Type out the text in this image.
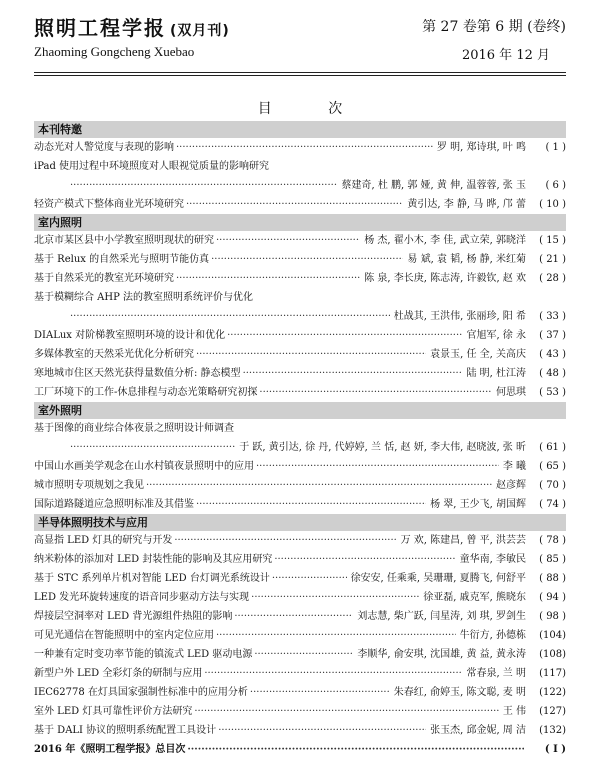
照明工程学报 (双月刊)
Zhaoming Gongcheng Xuebao
第 27 卷第 6 期 (卷终)
2016 年 12 月
目 次
本刊特邀
动态光对人警觉度与表现的影响 ·····	罗 明, 郑诗琪, 叶 鸣	( 1 )
iPad 使用过程中环境照度对人眼视觉质量的影响研究
·····
蔡建奇, 杜 鹏, 郭 娅, 黄 伸, 温蓉蓉, 张 玉	( 6 )
轻资产模式下整体商业光环境研究 ·····	黄引达, 李 静, 马 晔, 邝 蕾	( 10 )
室内照明
北京市某区县中小学教室照明现状的研究 ·····	杨 杰, 翟小木, 李 佳, 武立荣, 郭晓洋	( 15 )
基于 Relux 的自然采光与照明节能仿真 ·····	易 斌, 袁 韬, 杨 静, 米红菊	( 21 )
基于自然采光的教室光环境研究 ·····	陈 泉, 李长庚, 陈志涛, 许毅钦, 赵 欢	( 28 )
基于模糊综合 AHP 法的教室照明系统评价与优化
·····
杜战其, 王洪伟, 张丽珍, 阳 希	( 33 )
DIALux 对阶梯教室照明环境的设计和优化 ·····	官旭军, 徐 永	( 37 )
多媒体教室的天然采光优化分析研究 ·····	袁景玉, 任 全, 关高庆	( 43 )
寒地城市住区天然光获得量数值分析: 静态模型 ·····	陆 明, 杜江涛	( 48 )
工厂环境下的工作-休息排程与动态光策略研究初探 ·····	何思琪	( 53 )
室外照明
基于图像的商业综合体夜景之照明设计师调查
·····
于 跃, 黄引达, 徐 丹, 代婷婷, 兰 恬, 赵 妍, 李大伟, 赵晓波, 张 昕	( 61 )
中国山水画美学观念在山水村镇夜景照明中的应用 ·····	李 曦	( 65 )
城市照明专项规划之我见 ·····	赵彦辉	( 70 )
国际道路隧道应急照明标准及其借鉴 ·····	杨 翠, 王少飞, 胡国辉	( 74 )
半导体照明技术与应用
高显指 LED 灯具的研究与开发 ·····	万 欢, 陈建昌, 曾 平, 洪芸芸	( 78 )
纳米粉体的添加对 LED 封装性能的影响及其应用研究 ·····	童华南, 李敏民	( 85 )
基于 STC 系列单片机对智能 LED 台灯调光系统设计 ·····	徐安安, 任乘乘, 吴珊珊, 夏腾飞, 何舒平	( 88 )
LED 发光环旋转速度的语音同步驱动方法与实现 ·····	徐亚磊, 戚克军, 熊晓东	( 94 )
焊接层空洞率对 LED 背光源组件热阻的影响 ·····	刘志慧, 柴广跃, 闫星涛, 刘 琪, 罗剑生	( 98 )
可见光通信在智能照明中的室内定位应用 ·····	牛衍方, 孙德栋	(104)
一种兼有定时变功率节能的镇流式 LED 驱动电源 ·····	李顺华, 俞安琪, 沈国雄, 黄 益, 黄永涛	(108)
新型户外 LED 全彩灯条的研制与应用 ·····	常春泉, 兰 明	(117)
IEC62778 在灯具国家强制性标准中的应用分析 ·····	朱春红, 俞婷玉, 陈文聪, 麦 明	(122)
室外 LED 灯具可靠性评价方法研究 ·····	王 伟	(127)
基于 DALI 协议的照明系统配置工具设计 ·····	张玉杰, 邱金妮, 周 洁	(132)
2016 年《照明工程学报》总目次 ·····	( I )
